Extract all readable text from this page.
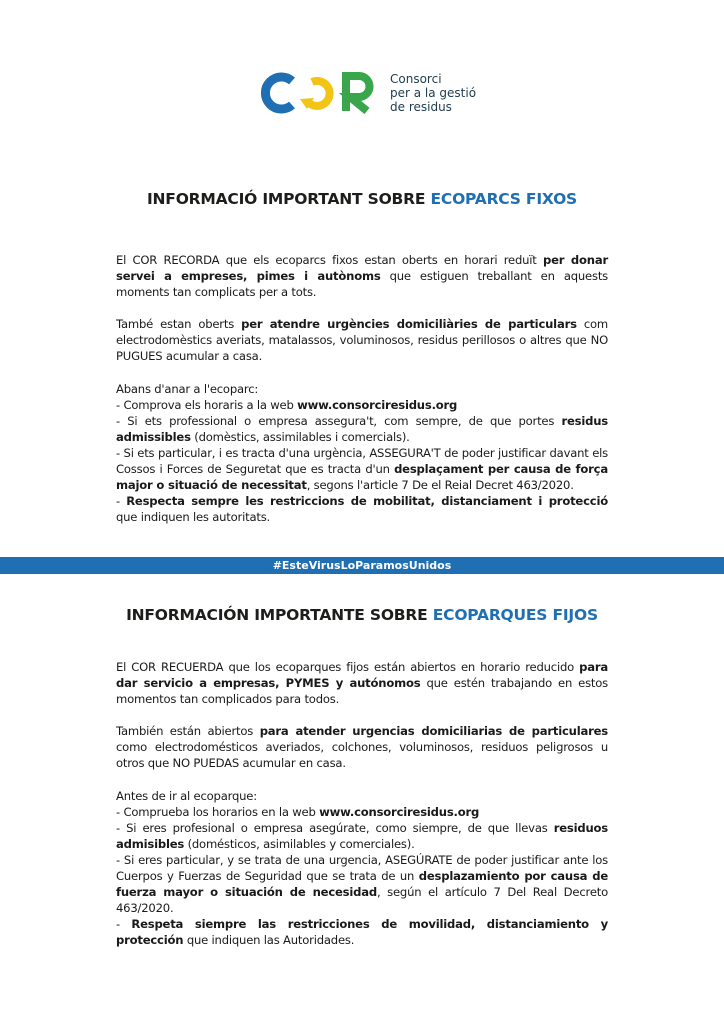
Consorci
per a la gestió
de residus
INFORMACIÓ IMPORTANT SOBRE ECOPARCS FIXOS

El COR RECORDA que els ecoparcs fixos estan oberts en horari reduït per donar servei a empreses, pimes i autònoms que estiguen treballant en aquests moments tan complicats per a tots.

També estan oberts per atendre urgències domiciliàries de particulars com electrodomèstics averiats, matalassos, voluminosos, residus perillosos o altres que NO PUGUES acumular a casa.

Abans d'anar a l'ecoparc:

- Comprova els horaris a la web www.consorciresidus.org

- Si ets professional o empresa assegura't, com sempre, de que portes residus admissibles (domèstics, assimilables i comercials).

- Si ets particular, i es tracta d'una urgència, ASSEGURA'T de poder justificar davant els Cossos i Forces de Seguretat que es tracta d'un desplaçament per causa de força major o situació de necessitat, segons l'article 7 De el Reial Decret 463/2020.

- Respecta sempre les restriccions de mobilitat, distanciament i protecció que indiquen les autoritats.

#EsteVirusLoParamosUnidos
INFORMACIÓN IMPORTANTE SOBRE ECOPARQUES FIJOS

El COR RECUERDA que los ecoparques fijos están abiertos en horario reducido para dar servicio a empresas, PYMES y autónomos que estén trabajando en estos momentos tan complicados para todos.

También están abiertos para atender urgencias domiciliarias de particulares como electrodomésticos averiados, colchones, voluminosos, residuos peligrosos u otros que NO PUEDAS acumular en casa.

Antes de ir al ecoparque:

- Comprueba los horarios en la web www.consorciresidus.org

- Si eres profesional o empresa asegúrate, como siempre, de que llevas residuos admisibles (domésticos, asimilables y comerciales).

- Si eres particular, y se trata de una urgencia, ASEGÚRATE de poder justificar ante los Cuerpos y Fuerzas de Seguridad que se trata de un desplazamiento por causa de fuerza mayor o situación de necesidad, según el artículo 7 Del Real Decreto 463/2020.

- Respeta siempre las restricciones de movilidad, distanciamiento y protección que indiquen las Autoridades.
